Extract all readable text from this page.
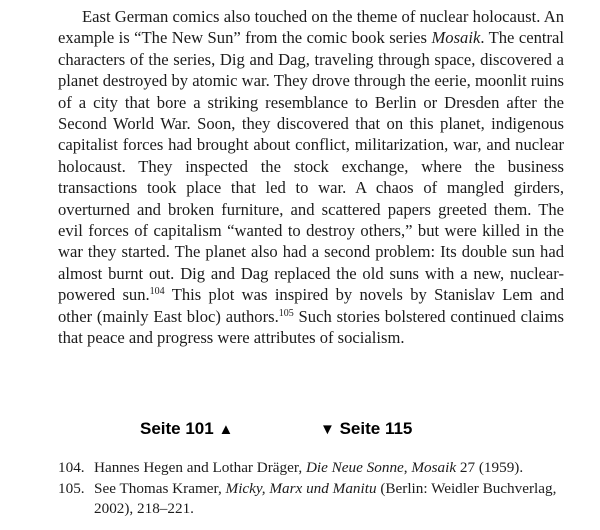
East German comics also touched on the theme of nuclear holocaust. An example is “The New Sun” from the comic book series Mosaik. The central characters of the series, Dig and Dag, traveling through space, discovered a planet destroyed by atomic war. They drove through the eerie, moonlit ruins of a city that bore a striking resemblance to Berlin or Dresden after the Second World War. Soon, they discovered that on this planet, indigenous capitalist forces had brought about conflict, militarization, war, and nuclear holocaust. They inspected the stock exchange, where the business transactions took place that led to war. A chaos of mangled girders, overturned and broken furniture, and scattered papers greeted them. The evil forces of capitalism “wanted to destroy others,” but were killed in the war they started. The planet also had a second problem: Its double sun had almost burnt out. Dig and Dag replaced the old suns with a new, nuclear-powered sun.$^{104}$ This plot was inspired by novels by Stanislav Lem and other (mainly East bloc) authors.$^{105}$ Such stories bolstered continued claims that peace and progress were attributes of socialism.

Seite 101 ▲	▼ Seite 115
104. Hannes Hegen and Lothar Dräger, Die Neue Sonne, Mosaik 27 (1959).
105. See Thomas Kramer, Micky, Marx und Manitu (Berlin: Weidler Buchverlag, 2002), 218–221.
